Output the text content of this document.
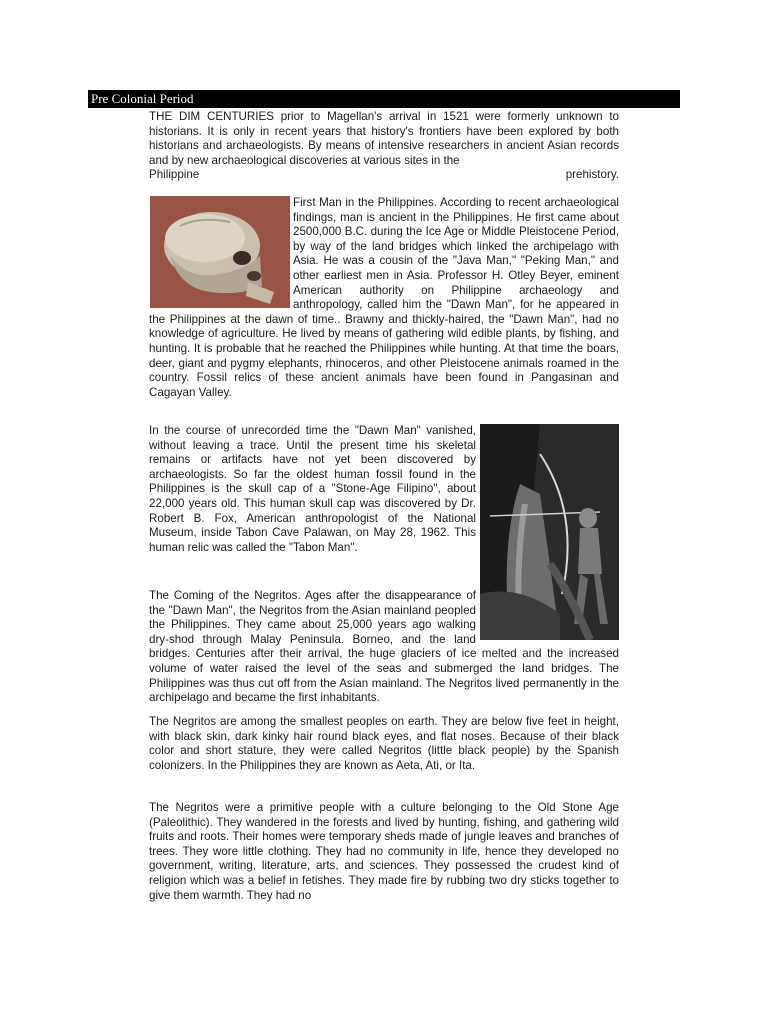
Pre Colonial Period

THE DIM CENTURIES prior to Magellan's arrival in 1521 were formerly unknown to historians. It is only in recent years that history's frontiers have been explored by both historians and archaeologists. By means of intensive researchers in ancient Asian records and by new archaeological discoveries at various sites in the
Philippine prehistory.

First Man in the Philippines. According to recent archaeological findings, man is ancient in the Philippines. He first came about 2500,000 B.C. during the Ice Age or Middle Pleistocene Period, by way of the land bridges which linked the archipelago with Asia. He was a cousin of the "Java Man," "Peking Man," and other earliest men in Asia. Professor H. Otley Beyer, eminent American authority on Philippine archaeology and anthropology, called him the "Dawn Man", for he appeared in the Philippines at the dawn of time.. Brawny and thickly-haired, the "Dawn Man", had no knowledge of agriculture. He lived by means of gathering wild edible plants, by fishing, and hunting. It is probable that he reached the Philippines while hunting. At that time the boars, deer, giant and pygmy elephants, rhinoceros, and other Pleistocene animals roamed in the country. Fossil relics of these ancient animals have been found in Pangasinan and Cagayan Valley.

In the course of unrecorded time the "Dawn Man" vanished, without leaving a trace. Until the present time his skeletal remains or artifacts have not yet been discovered by archaeologists. So far the oldest human fossil found in the Philippines is the skull cap of a "Stone-Age Filipino", about 22,000 years old. This human skull cap was discovered by Dr. Robert B. Fox, American anthropologist of the National Museum, inside Tabon Cave Palawan, on May 28, 1962. This human relic was called the "Tabon Man".

The Coming of the Negritos. Ages after the disappearance of the "Dawn Man", the Negritos from the Asian mainland peopled the Philippines. They came about 25,000 years ago walking dry-shod through Malay Peninsula. Borneo, and the land bridges. Centuries after their arrival, the huge glaciers of ice melted and the increased volume of water raised the level of the seas and submerged the land bridges. The Philippines was thus cut off from the Asian mainland. The Negritos lived permanently in the archipelago and became the first inhabitants.

The Negritos are among the smallest peoples on earth. They are below five feet in height, with black skin, dark kinky hair round black eyes, and flat noses. Because of their black color and short stature, they were called Negritos (little black people) by the Spanish colonizers. In the Philippines they are known as Aeta, Ati, or Ita.

The Negritos were a primitive people with a culture belonging to the Old Stone Age (Paleolithic). They wandered in the forests and lived by hunting, fishing, and gathering wild fruits and roots. Their homes were temporary sheds made of jungle leaves and branches of trees. They wore little clothing. They had no community in life, hence they developed no government, writing, literature, arts, and sciences. They possessed the crudest kind of religion which was a belief in fetishes. They made fire by rubbing two dry sticks together to give them warmth. They had no
